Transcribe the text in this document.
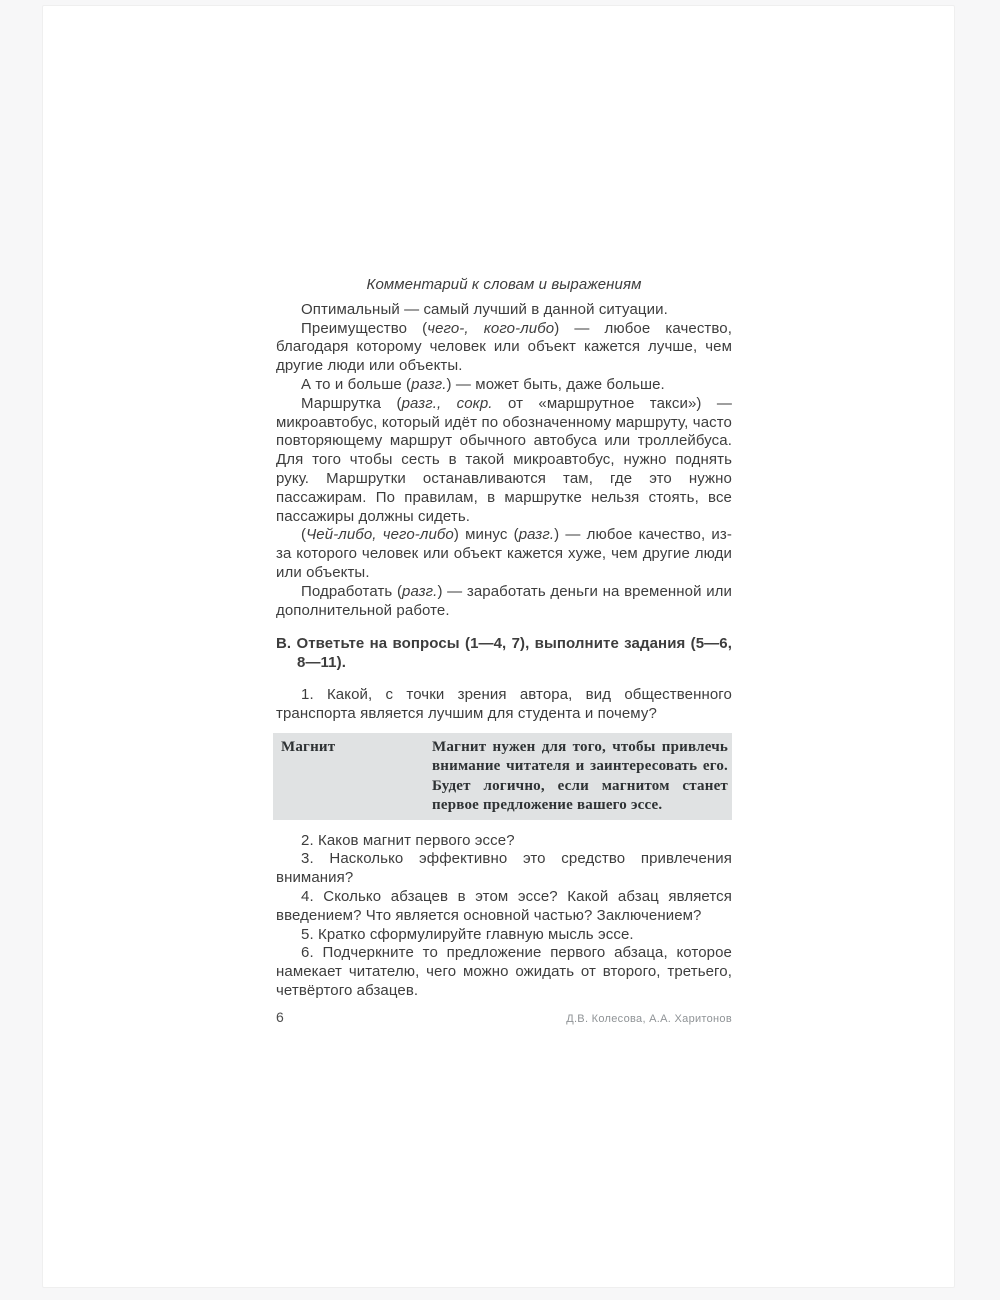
Комментарий к словам и выражениям

Оптимальный — самый лучший в данной ситуации.

Преимущество (чего-, кого-либо) — любое качество, благодаря которому человек или объект кажется лучше, чем другие люди или объекты.

А то и больше (разг.) — может быть, даже больше.

Маршрутка (разг., сокр. от «маршрутное такси») — микроавтобус, который идёт по обозначенному маршруту, часто повторяющему маршрут обычного автобуса или троллейбуса. Для того чтобы сесть в такой микроавтобус, нужно поднять руку. Маршрутки останавливаются там, где это нужно пассажирам. По правилам, в маршрутке нельзя стоять, все пассажиры должны сидеть.

(Чей-либо, чего-либо) минус (разг.) — любое качество, из-за которого человек или объект кажется хуже, чем другие люди или объекты.

Подработать (разг.) — заработать деньги на временной или дополнительной работе.

В. Ответьте на вопросы (1—4, 7), выполните задания (5—6, 8—11).

1. Какой, с точки зрения автора, вид общественного транспорта является лучшим для студента и почему?

Магнит	Магнит нужен для того, чтобы привлечь внимание читателя и заинтересовать его. Будет логично, если магнитом станет первое предложение вашего эссе.

2. Каков магнит первого эссе?

3. Насколько эффективно это средство привлечения внимания?

4. Сколько абзацев в этом эссе? Какой абзац является введением? Что является основной частью? Заключением?

5. Кратко сформулируйте главную мысль эссе.

6. Подчеркните то предложение первого абзаца, которое намекает читателю, чего можно ожидать от второго, третьего, четвёртого абзацев.

6	Д.В. Колесова, А.А. Харитонов
